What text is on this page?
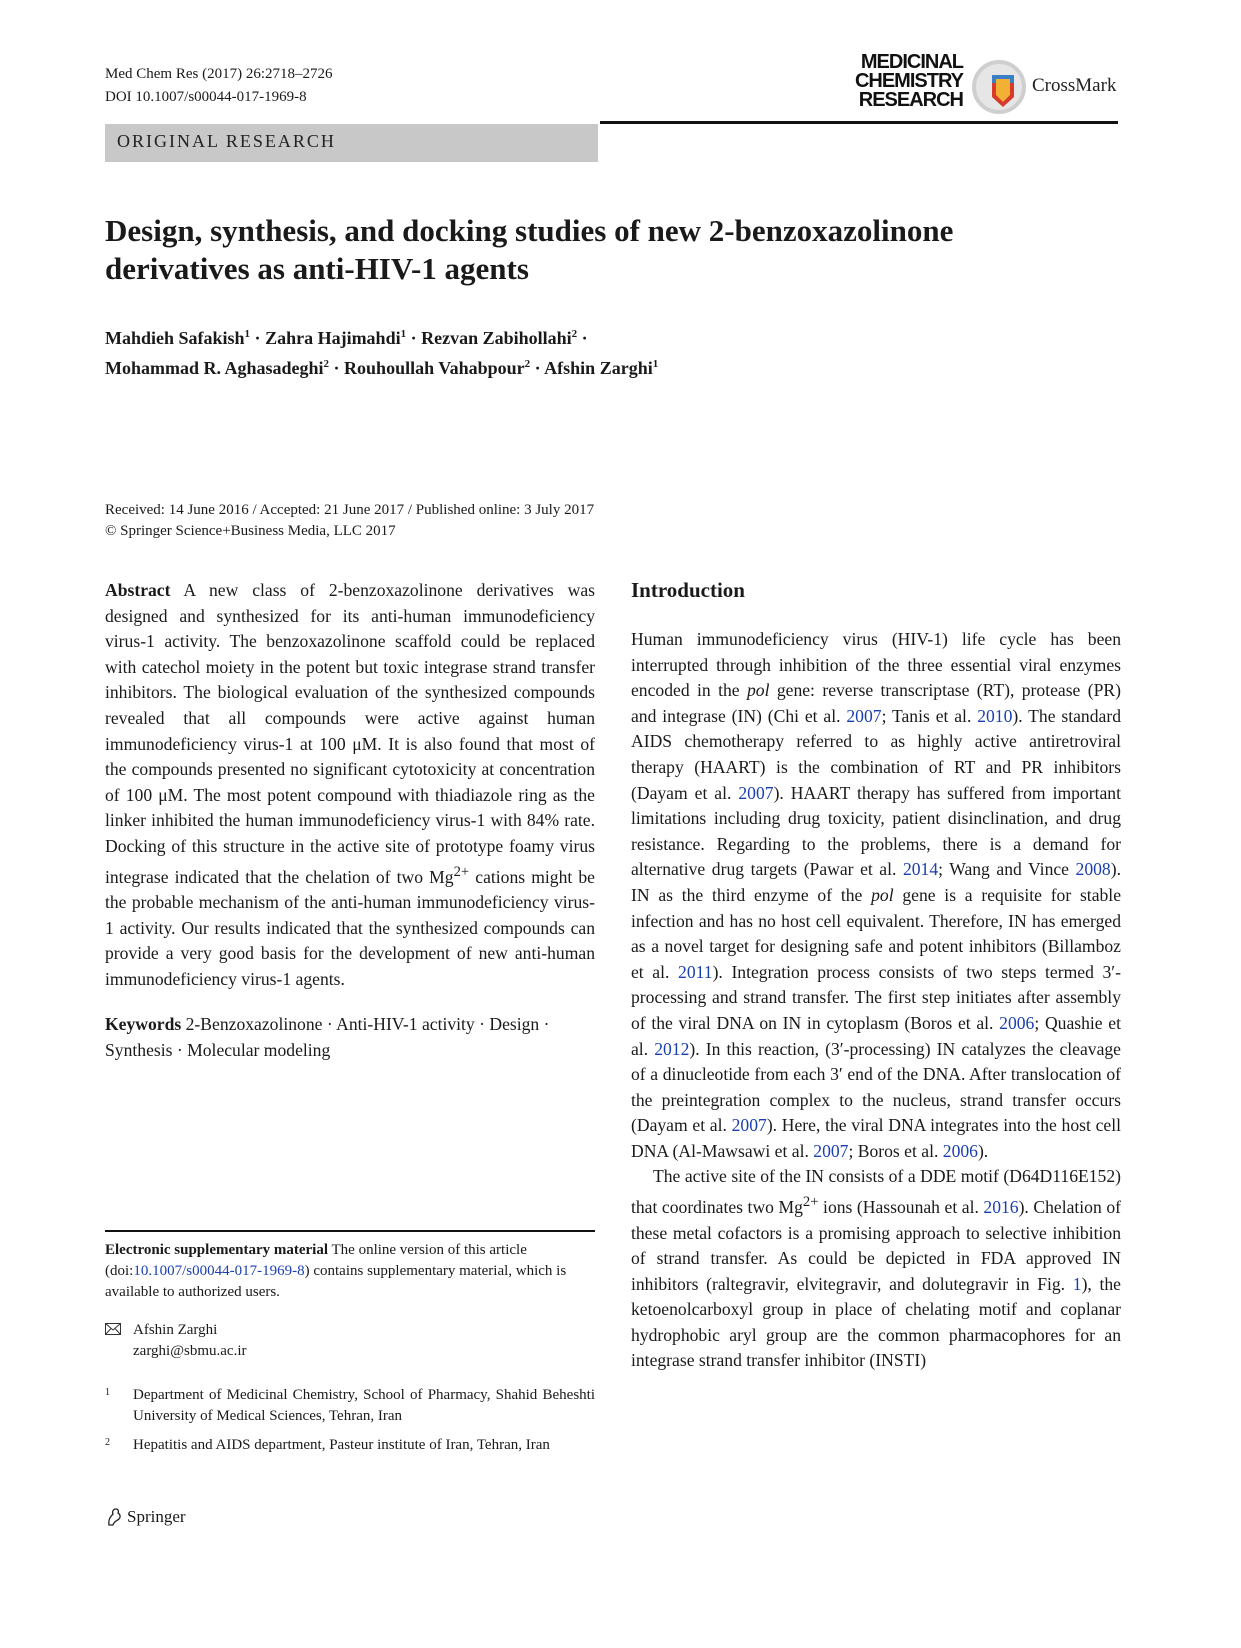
Med Chem Res (2017) 26:2718–2726
DOI 10.1007/s00044-017-1969-8
MEDICINAL
CHEMISTRY
RESEARCH
CrossMark
ORIGINAL RESEARCH
Design, synthesis, and docking studies of new 2-benzoxazolinone
derivatives as anti-HIV-1 agents
Mahdieh Safakish$^1$ · Zahra Hajimahdi$^1$ · Rezvan Zabihollahi$^2$ ·
Mohammad R. Aghasadeghi$^2$ · Rouhoullah Vahabpour$^2$ · Afshin Zarghi$^1$
Received: 14 June 2016 / Accepted: 21 June 2017 / Published online: 3 July 2017
© Springer Science+Business Media, LLC 2017

Abstract A new class of 2-benzoxazolinone derivatives was designed and synthesized for its anti-human immunodeficiency virus-1 activity. The benzoxazolinone scaffold could be replaced with catechol moiety in the potent but toxic integrase strand transfer inhibitors. The biological evaluation of the synthesized compounds revealed that all compounds were active against human immunodeficiency virus-1 at 100 μM. It is also found that most of the compounds presented no significant cytotoxicity at concentration of 100 μM. The most potent compound with thiadiazole ring as the linker inhibited the human immunodeficiency virus-1 with 84% rate. Docking of this structure in the active site of prototype foamy virus integrase indicated that the chelation of two $Mg^{2+}$ cations might be the probable mechanism of the anti-human immunodeficiency virus-1 activity. Our results indicated that the synthesized compounds can provide a very good basis for the development of new anti-human immunodeficiency virus-1 agents.

Keywords 2-Benzoxazolinone · Anti-HIV-1 activity · Design · Synthesis · Molecular modeling

Electronic supplementary material The online version of this article (doi:10.1007/s00044-017-1969-8) contains supplementary material, which is available to authorized users.
Afshin Zarghi
zarghi@sbmu.ac.ir
1 Department of Medicinal Chemistry, School of Pharmacy, Shahid Beheshti University of Medical Sciences, Tehran, Iran
2 Hepatitis and AIDS department, Pasteur institute of Iran, Tehran, Iran
Springer
Introduction

Human immunodeficiency virus (HIV-1) life cycle has been interrupted through inhibition of the three essential viral enzymes encoded in the pol gene: reverse transcriptase (RT), protease (PR) and integrase (IN) (Chi et al. 2007; Tanis et al. 2010). The standard AIDS chemotherapy referred to as highly active antiretroviral therapy (HAART) is the combination of RT and PR inhibitors (Dayam et al. 2007). HAART therapy has suffered from important limitations including drug toxicity, patient disinclination, and drug resistance. Regarding to the problems, there is a demand for alternative drug targets (Pawar et al. 2014; Wang and Vince 2008). IN as the third enzyme of the pol gene is a requisite for stable infection and has no host cell equivalent. Therefore, IN has emerged as a novel target for designing safe and potent inhibitors (Billamboz et al. 2011). Integration process consists of two steps termed 3′-processing and strand transfer. The first step initiates after assembly of the viral DNA on IN in cytoplasm (Boros et al. 2006; Quashie et al. 2012). In this reaction, (3′-processing) IN catalyzes the cleavage of a dinucleotide from each 3′ end of the DNA. After translocation of the preintegration complex to the nucleus, strand transfer occurs (Dayam et al. 2007). Here, the viral DNA integrates into the host cell DNA (Al-Mawsawi et al. 2007; Boros et al. 2006).

The active site of the IN consists of a DDE motif (D64D116E152) that coordinates two $Mg^{2+}$ ions (Hassounah et al. 2016). Chelation of these metal cofactors is a promising approach to selective inhibition of strand transfer. As could be depicted in FDA approved IN inhibitors (raltegravir, elvitegravir, and dolutegravir in Fig. 1), the ketoenolcarboxyl group in place of chelating motif and coplanar hydrophobic aryl group are the common pharmacophores for an integrase strand transfer inhibitor (INSTI)
